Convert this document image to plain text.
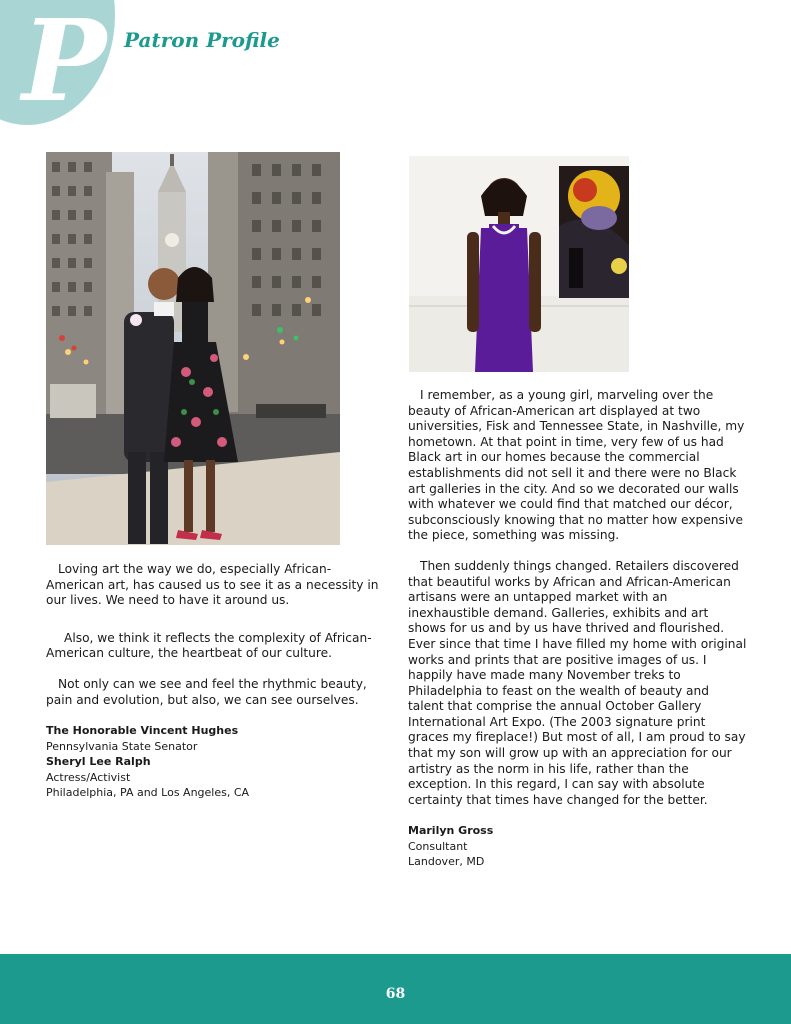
P Patron Profile

Loving art the way we do, especially African-American art, has caused us to see it as a necessity in our lives. We need to have it around us.

Also, we think it reflects the complexity of African-American culture, the heartbeat of our culture.

Not only can we see and feel the rhythmic beauty, pain and evolution, but also, we can see ourselves.

The Honorable Vincent Hughes
Pennsylvania State Senator
Sheryl Lee Ralph
Actress/Activist
Philadelphia, PA and Los Angeles, CA

I remember, as a young girl, marveling over the beauty of African-American art displayed at two universities, Fisk and Tennessee State, in Nashville, my hometown. At that point in time, very few of us had Black art in our homes because the commercial establishments did not sell it and there were no Black art galleries in the city. And so we decorated our walls with whatever we could find that matched our décor, subconsciously knowing that no matter how expensive the piece, something was missing.

Then suddenly things changed. Retailers discovered that beautiful works by African and African-American artisans were an untapped market with an inexhaustible demand. Galleries, exhibits and art shows for us and by us have thrived and flourished. Ever since that time I have filled my home with original works and prints that are positive images of us. I happily have made many November treks to Philadelphia to feast on the wealth of beauty and talent that comprise the annual October Gallery International Art Expo. (The 2003 signature print graces my fireplace!) But most of all, I am proud to say that my son will grow up with an appreciation for our artistry as the norm in his life, rather than the exception. In this regard, I can say with absolute certainty that times have changed for the better.

Marilyn Gross
Consultant
Landover, MD
68
